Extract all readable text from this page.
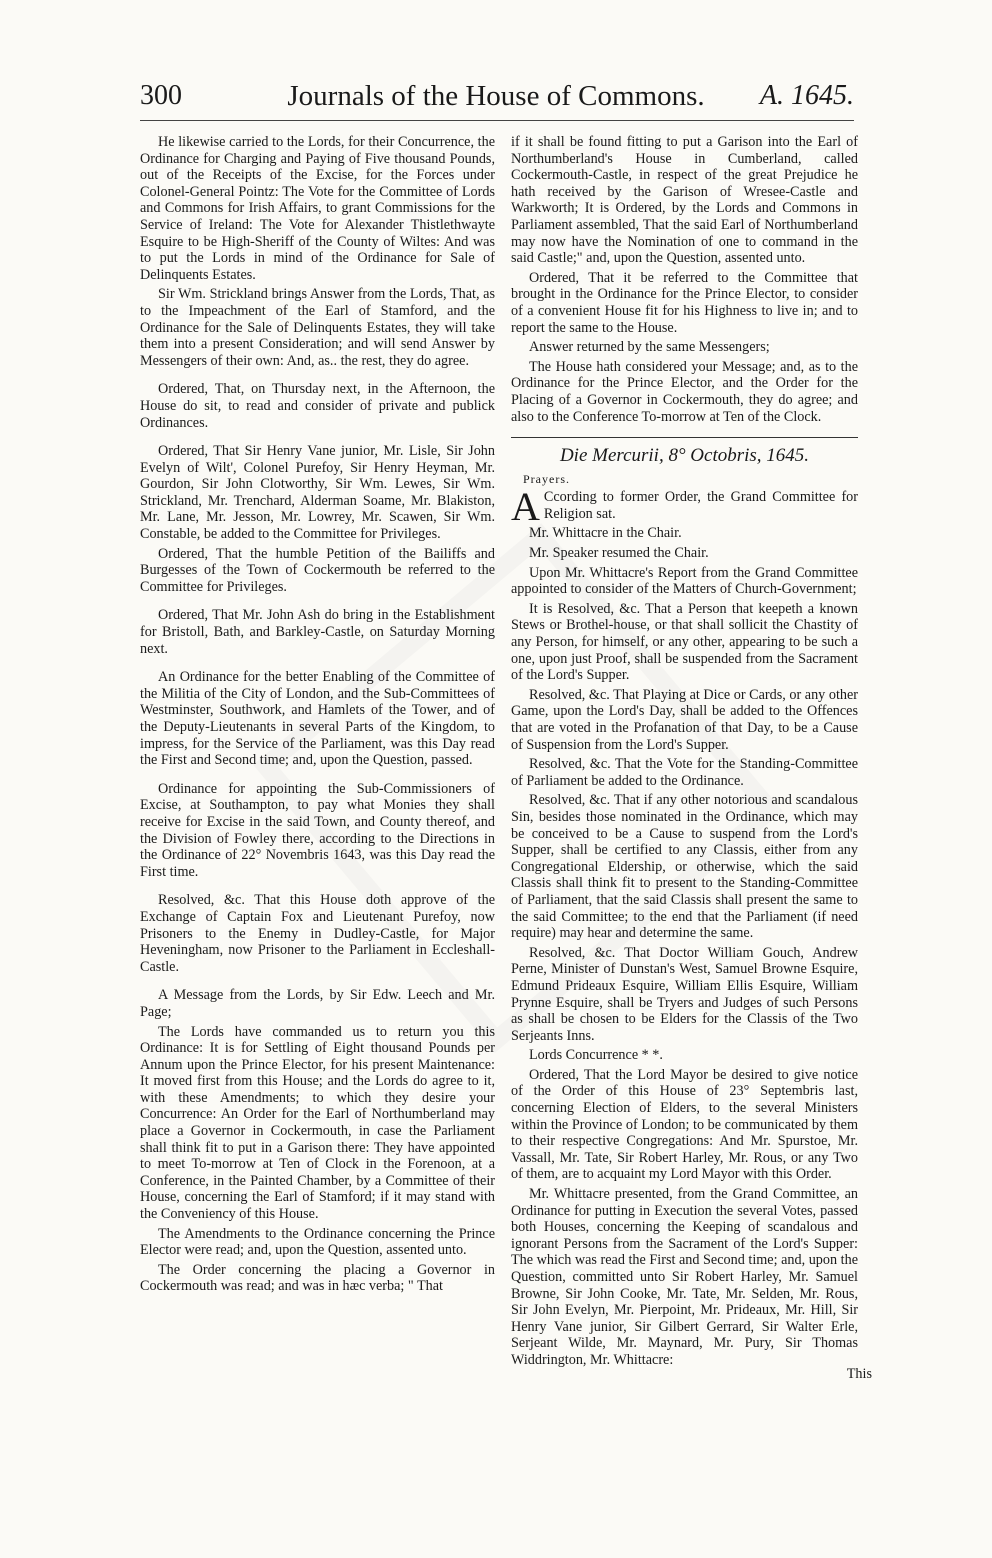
300	Journals of the House of Commons.	A. 1645.

He likewise carried to the Lords, for their Concurrence, the Ordinance for Charging and Paying of Five thousand Pounds, out of the Receipts of the Excise, for the Forces under Colonel-General Pointz: The Vote for the Committee of Lords and Commons for Irish Affairs, to grant Commissions for the Service of Ireland: The Vote for Alexander Thistlethwayte Esquire to be High-Sheriff of the County of Wiltes: And was to put the Lords in mind of the Ordinance for Sale of Delinquents Estates.

Sir Wm. Strickland brings Answer from the Lords, That, as to the Impeachment of the Earl of Stamford, and the Ordinance for the Sale of Delinquents Estates, they will take them into a present Consideration; and will send Answer by Messengers of their own: And, as.. the rest, they do agree.

Ordered, That, on Thursday next, in the Afternoon, the House do sit, to read and consider of private and publick Ordinances.

Ordered, That Sir Henry Vane junior, Mr. Lisle, Sir John Evelyn of Wilt', Colonel Purefoy, Sir Henry Heyman, Mr. Gourdon, Sir John Clotworthy, Sir Wm. Lewes, Sir Wm. Strickland, Mr. Trenchard, Alderman Soame, Mr. Blakiston, Mr. Lane, Mr. Jesson, Mr. Lowrey, Mr. Scawen, Sir Wm. Constable, be added to the Committee for Privileges.

Ordered, That the humble Petition of the Bailiffs and Burgesses of the Town of Cockermouth be referred to the Committee for Privileges.

Ordered, That Mr. John Ash do bring in the Establishment for Bristoll, Bath, and Barkley-Castle, on Saturday Morning next.

An Ordinance for the better Enabling of the Committee of the Militia of the City of London, and the Sub-Committees of Westminster, Southwork, and Hamlets of the Tower, and of the Deputy-Lieutenants in several Parts of the Kingdom, to impress, for the Service of the Parliament, was this Day read the First and Second time; and, upon the Question, passed.

Ordinance for appointing the Sub-Commissioners of Excise, at Southampton, to pay what Monies they shall receive for Excise in the said Town, and County thereof, and the Division of Fowley there, according to the Directions in the Ordinance of 22° Novembris 1643, was this Day read the First time.

Resolved, &c. That this House doth approve of the Exchange of Captain Fox and Lieutenant Purefoy, now Prisoners to the Enemy in Dudley-Castle, for Major Heveningham, now Prisoner to the Parliament in Eccleshall-Castle.

A Message from the Lords, by Sir Edw. Leech and Mr. Page;

The Lords have commanded us to return you this Ordinance: It is for Settling of Eight thousand Pounds per Annum upon the Prince Elector, for his present Maintenance: It moved first from this House; and the Lords do agree to it, with these Amendments; to which they desire your Concurrence: An Order for the Earl of Northumberland may place a Governor in Cockermouth, in case the Parliament shall think fit to put in a Garison there: They have appointed to meet To-morrow at Ten of Clock in the Forenoon, at a Conference, in the Painted Chamber, by a Committee of their House, concerning the Earl of Stamford; if it may stand with the Conveniency of this House.

The Amendments to the Ordinance concerning the Prince Elector were read; and, upon the Question, assented unto.

The Order concerning the placing a Governor in Cockermouth was read; and was in hæc verba; " That

if it shall be found fitting to put a Garison into the Earl of Northumberland's House in Cumberland, called Cockermouth-Castle, in respect of the great Prejudice he hath received by the Garison of Wresee-Castle and Warkworth; It is Ordered, by the Lords and Commons in Parliament assembled, That the said Earl of Northumberland may now have the Nomination of one to command in the said Castle;" and, upon the Question, assented unto.

Ordered, That it be referred to the Committee that brought in the Ordinance for the Prince Elector, to consider of a convenient House fit for his Highness to live in; and to report the same to the House.

Answer returned by the same Messengers;

The House hath considered your Message; and, as to the Ordinance for the Prince Elector, and the Order for the Placing of a Governor in Cockermouth, they do agree; and also to the Conference To-morrow at Ten of the Clock.

Die Mercurii, 8° Octobris, 1645.
Prayers.

A Ccording to former Order, the Grand Committee for Religion sat.

Mr. Whittacre in the Chair.

Mr. Speaker resumed the Chair.

Upon Mr. Whittacre's Report from the Grand Committee appointed to consider of the Matters of Church-Government;

It is Resolved, &c. That a Person that keepeth a known Stews or Brothel-house, or that shall sollicit the Chastity of any Person, for himself, or any other, appearing to be such a one, upon just Proof, shall be suspended from the Sacrament of the Lord's Supper.

Resolved, &c. That Playing at Dice or Cards, or any other Game, upon the Lord's Day, shall be added to the Offences that are voted in the Profanation of that Day, to be a Cause of Suspension from the Lord's Supper.

Resolved, &c. That the Vote for the Standing-Committee of Parliament be added to the Ordinance.

Resolved, &c. That if any other notorious and scandalous Sin, besides those nominated in the Ordinance, which may be conceived to be a Cause to suspend from the Lord's Supper, shall be certified to any Classis, either from any Congregational Eldership, or otherwise, which the said Classis shall think fit to present to the Standing-Committee of Parliament, that the said Classis shall present the same to the said Committee; to the end that the Parliament (if need require) may hear and determine the same.

Resolved, &c. That Doctor William Gouch, Andrew Perne, Minister of Dunstan's West, Samuel Browne Esquire, Edmund Prideaux Esquire, William Ellis Esquire, William Prynne Esquire, shall be Tryers and Judges of such Persons as shall be chosen to be Elders for the Classis of the Two Serjeants Inns.

Lords Concurrence * *.

Ordered, That the Lord Mayor be desired to give notice of the Order of this House of 23° Septembris last, concerning Election of Elders, to the several Ministers within the Province of London; to be communicated by them to their respective Congregations: And Mr. Spurstoe, Mr. Vassall, Mr. Tate, Sir Robert Harley, Mr. Rous, or any Two of them, are to acquaint my Lord Mayor with this Order.

Mr. Whittacre presented, from the Grand Committee, an Ordinance for putting in Execution the several Votes, passed both Houses, concerning the Keeping of scandalous and ignorant Persons from the Sacrament of the Lord's Supper: The which was read the First and Second time; and, upon the Question, committed unto Sir Robert Harley, Mr. Samuel Browne, Sir John Cooke, Mr. Tate, Mr. Selden, Mr. Rous, Sir John Evelyn, Mr. Pierpoint, Mr. Prideaux, Mr. Hill, Sir Henry Vane junior, Sir Gilbert Gerrard, Sir Walter Erle, Serjeant Wilde, Mr. Maynard, Mr. Pury, Sir Thomas Widdrington, Mr. Whittacre:

This
